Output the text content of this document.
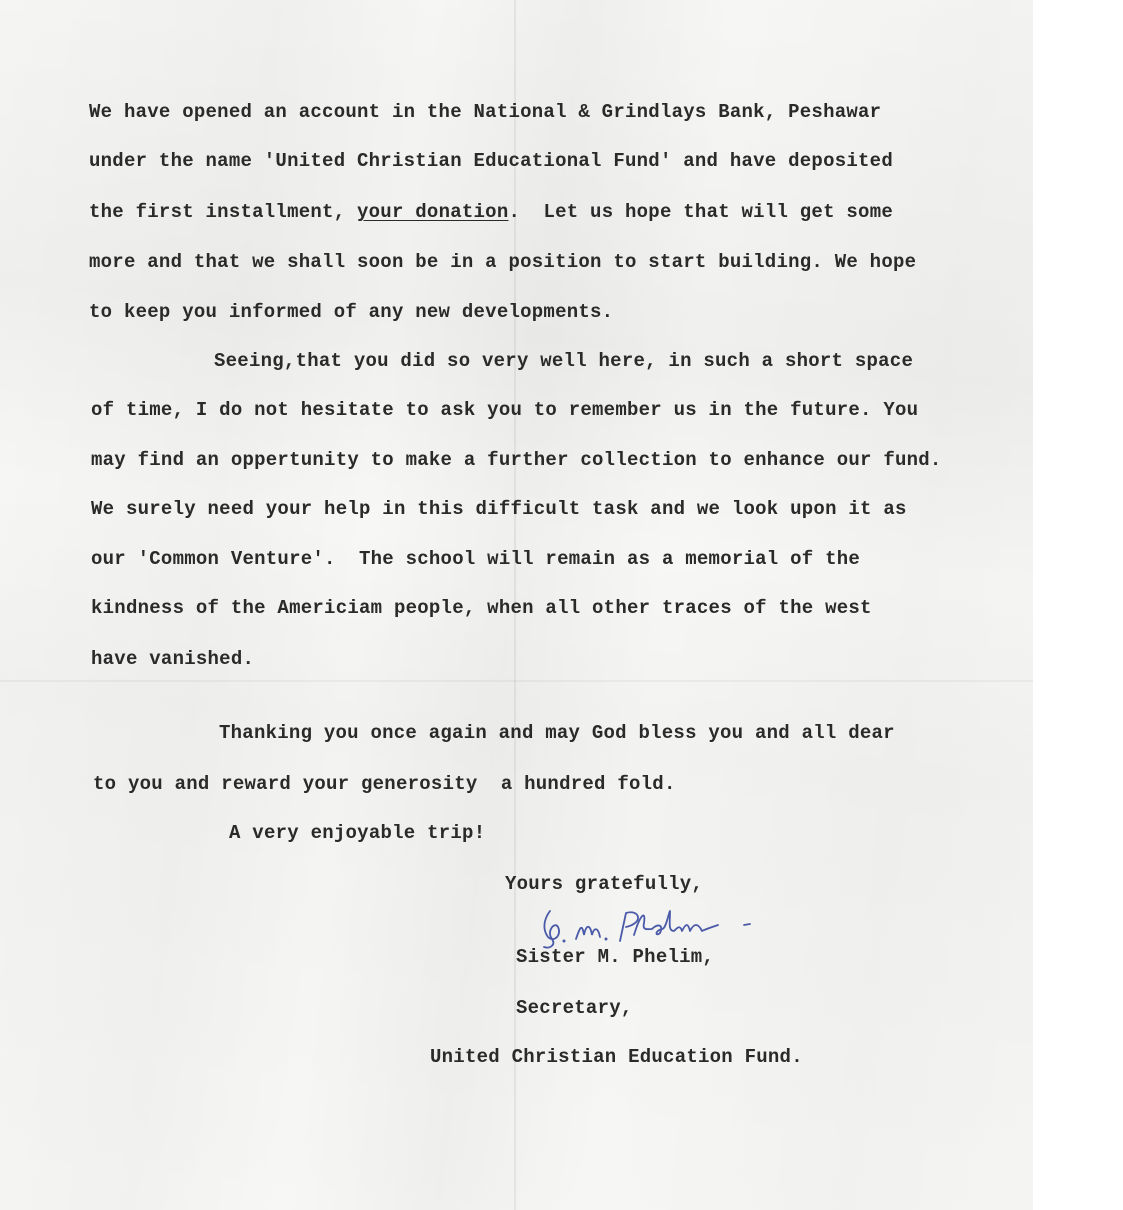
We have opened an account in the National & Grindlays Bank, Peshawar

under the name 'United Christian Educational Fund' and have deposited

the first installment, your donation.  Let us hope that will get some

more and that we shall soon be in a position to start building. We hope

to keep you informed of any new developments.

Seeing,that you did so very well here, in such a short space

of time, I do not hesitate to ask you to remember us in the future. You

may find an oppertunity to make a further collection to enhance our fund.

We surely need your help in this difficult task and we look upon it as

our 'Common Venture'.  The school will remain as a memorial of the

kindness of the Americiam people, when all other traces of the west

have vanished.

Thanking you once again and may God bless you and all dear

to you and reward your generosity  a hundred fold.

A very enjoyable trip!

Yours gratefully,

Sister M. Phelim,

Secretary,

United Christian Education Fund.
